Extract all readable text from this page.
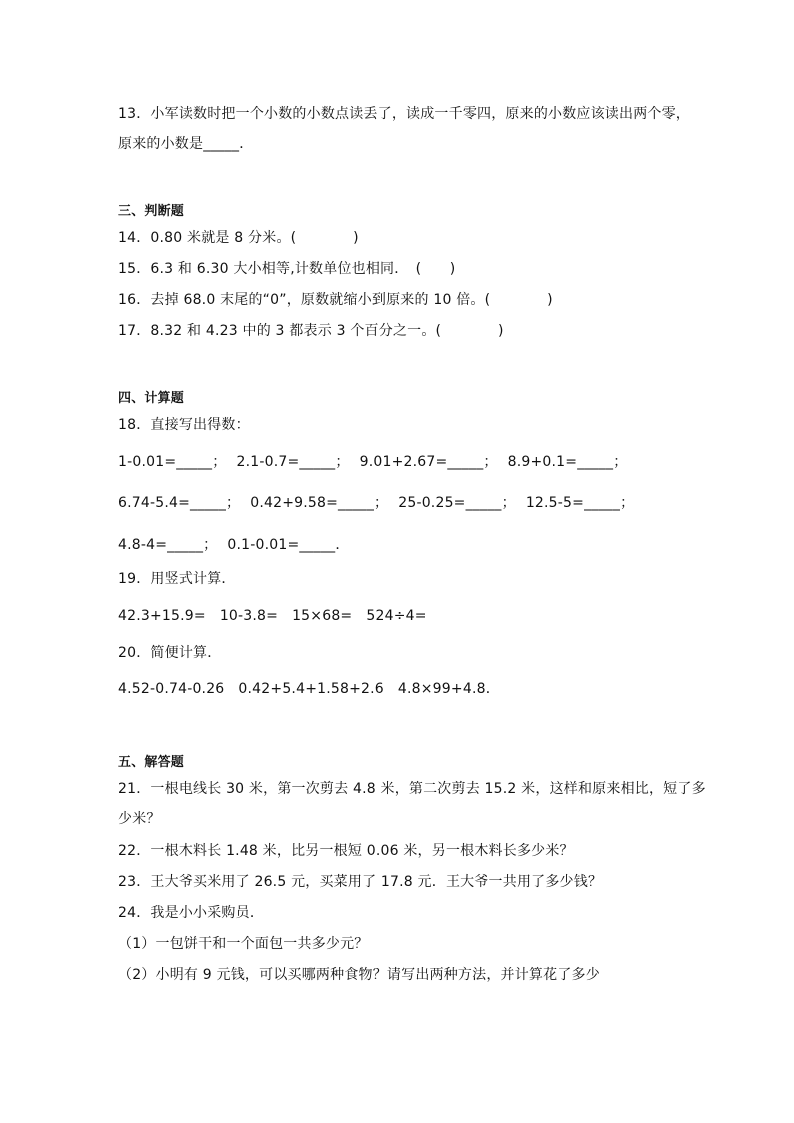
13．小军读数时把一个小数的小数点读丢了，读成一千零四，原来的小数应该读出两个零，
原来的小数是_____．
三、判断题
14．0.80 米就是 8 分米。(　　　　)
15．6.3 和 6.30 大小相等,计数单位也相同．　(　　)
16．去掉 68.0 末尾的“0”，原数就缩小到原来的 10 倍。(　　　　)
17．8.32 和 4.23 中的 3 都表示 3 个百分之一。(　　　　)
四、计算题
18．直接写出得数：
1-0.01=_____； 2.1-0.7=_____； 9.01+2.67=_____； 8.9+0.1=_____；
6.74-5.4=_____； 0.42+9.58=_____； 25-0.25=_____； 12.5-5=_____；
4.8-4=_____； 0.1-0.01=_____．
19．用竖式计算．
42.3+15.9= 10-3.8= 15×68= 524÷4=
20．简便计算．
4.52-0.74-0.26 0.42+5.4+1.58+2.6 4.8×99+4.8．
五、解答题
21．一根电线长 30 米，第一次剪去 4.8 米，第二次剪去 15.2 米，这样和原来相比，短了多
少米？
22．一根木料长 1.48 米，比另一根短 0.06 米，另一根木料长多少米？
23．王大爷买米用了 26.5 元，买菜用了 17.8 元．王大爷一共用了多少钱？
24．我是小小采购员．
（1）一包饼干和一个面包一共多少元？
（2）小明有 9 元钱，可以买哪两种食物？请写出两种方法，并计算花了多少
